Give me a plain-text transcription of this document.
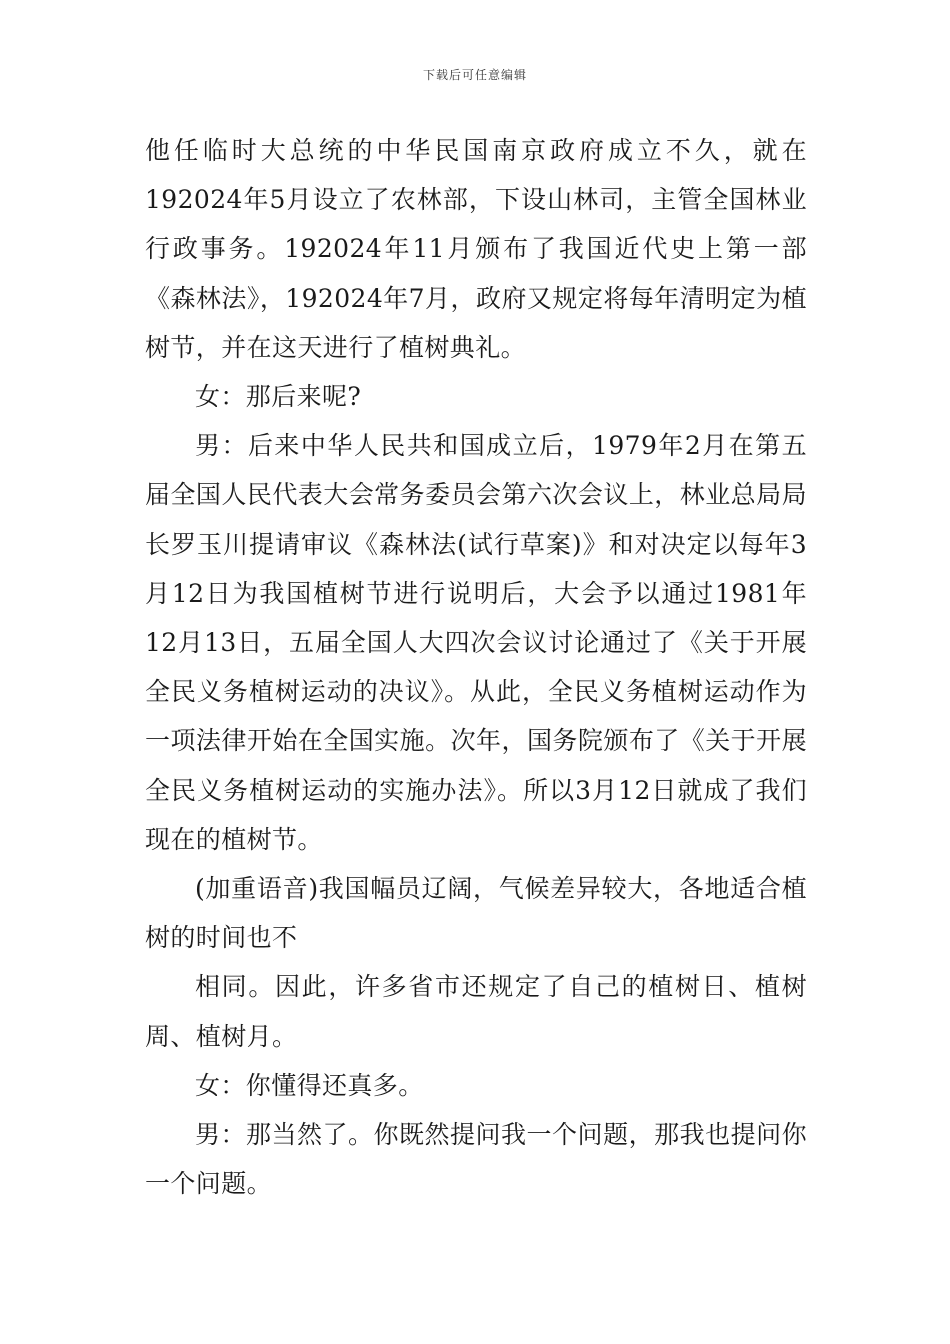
下载后可任意编辑

他任临时大总统的中华民国南京政府成立不久，就在192024年5月设立了农林部，下设山林司，主管全国林业行政事务。192024年11月颁布了我国近代史上第一部《森林法》，192024年7月，政府又规定将每年清明定为植树节，并在这天进行了植树典礼。

女：那后来呢?

男：后来中华人民共和国成立后，1979年2月在第五届全国人民代表大会常务委员会第六次会议上，林业总局局长罗玉川提请审议《森林法(试行草案)》和对决定以每年3月12日为我国植树节进行说明后，大会予以通过1981年12月13日，五届全国人大四次会议讨论通过了《关于开展全民义务植树运动的决议》。从此，全民义务植树运动作为一项法律开始在全国实施。次年，国务院颁布了《关于开展全民义务植树运动的实施办法》。所以3月12日就成了我们现在的植树节。

(加重语音)我国幅员辽阔，气候差异较大，各地适合植树的时间也不

相同。因此，许多省市还规定了自己的植树日、植树周、植树月。

女：你懂得还真多。

男：那当然了。你既然提问我一个问题，那我也提问你一个问题。
